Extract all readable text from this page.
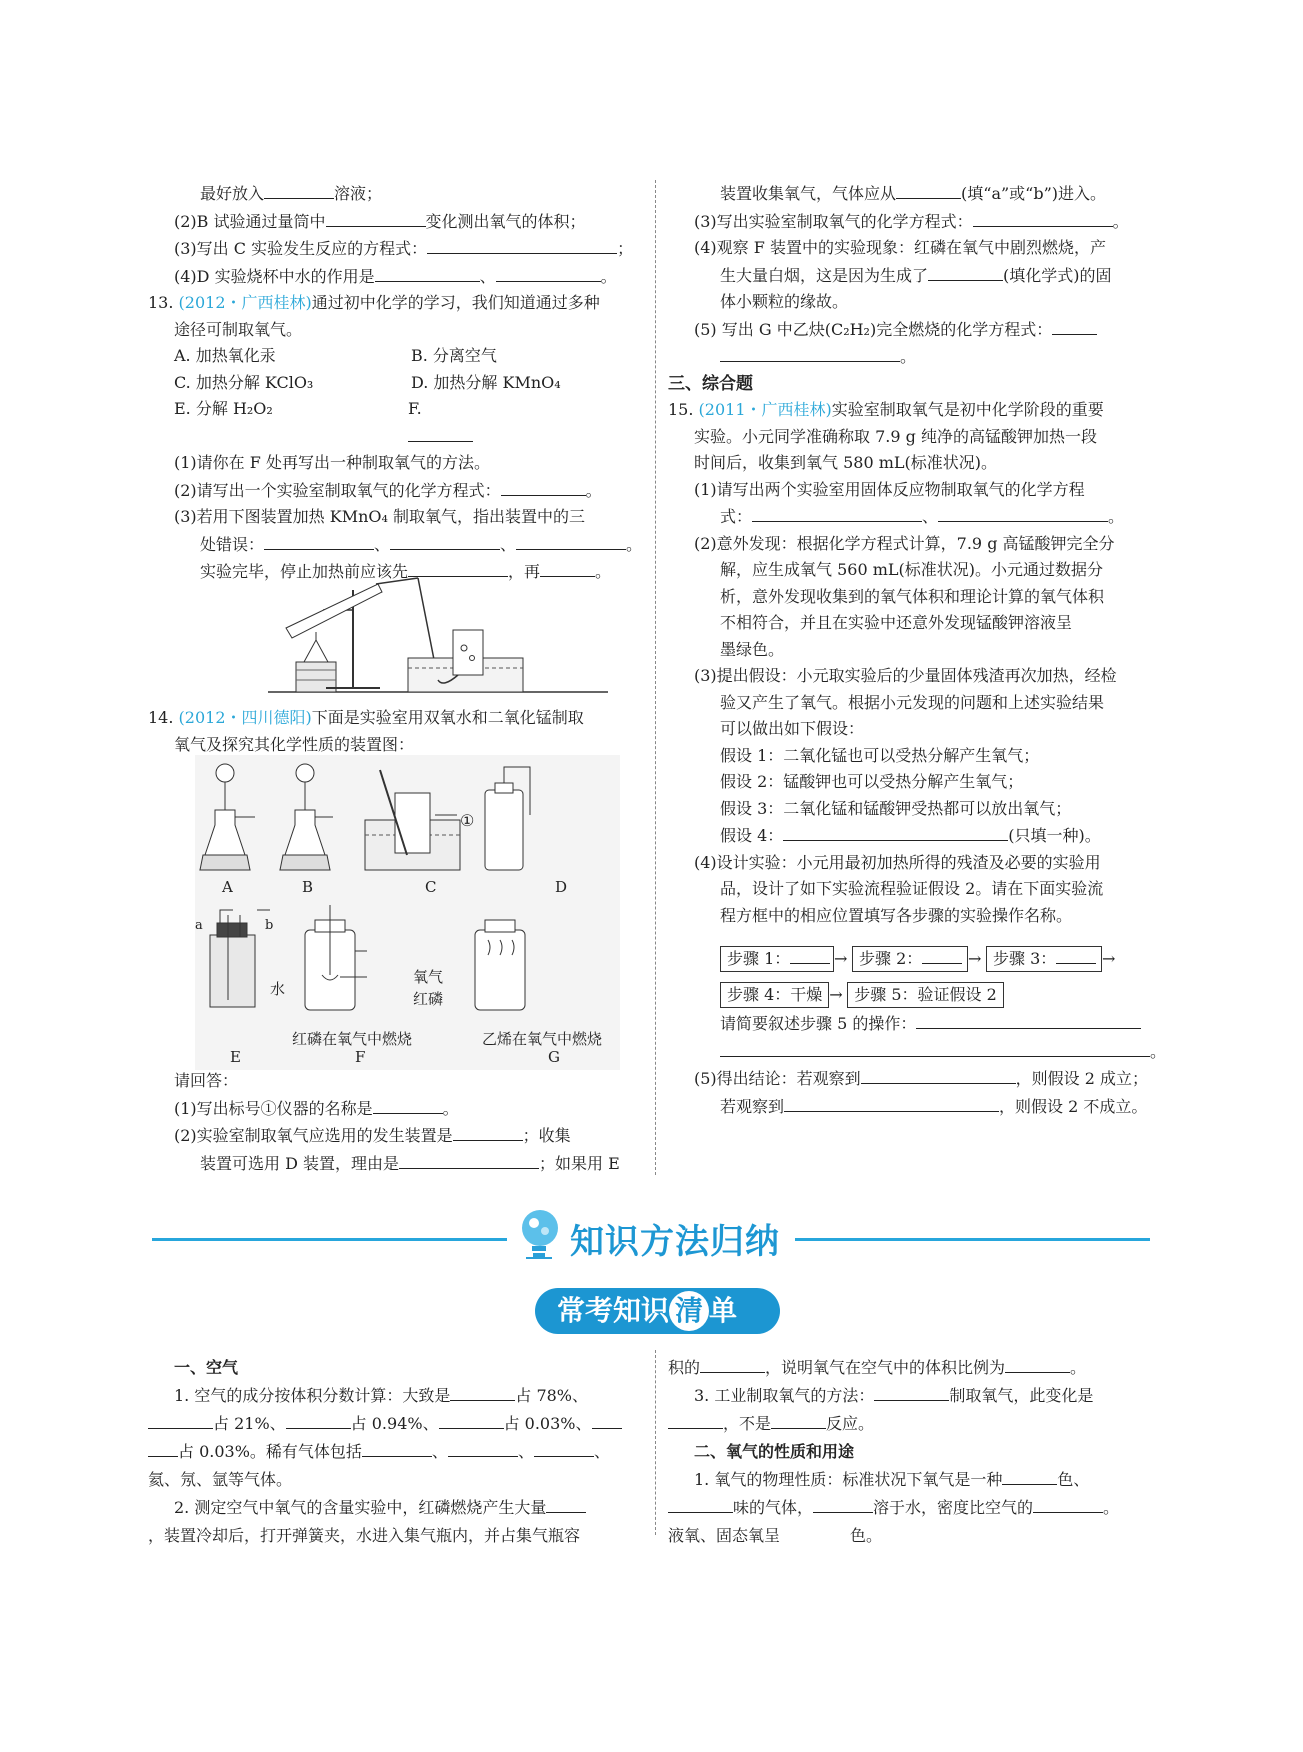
最好放入	溶液；

(2)B 试验通过量筒中	变化测出氧气的体积；

(3)写出 C 实验发生反应的方程式：	；

(4)D 实验烧杯中水的作用是	、	。

13. (2012・广西桂林)通过初中化学的学习，我们知道通过多种

途径可制取氧气。

A. 加热氧化汞	B. 分离空气
C. 加热分解 KClO₃	D. 加热分解 KMnO₄
E. 分解 H₂O₂	F.

(1)请你在 F 处再写出一种制取氧气的方法。

(2)请写出一个实验室制取氧气的化学方程式：	。

(3)若用下图装置加热 KMnO₄ 制取氧气，指出装置中的三

处错误：	、	、	。

实验完毕，停止加热前应该先	，再	。

14. (2012・四川德阳)下面是实验室用双氧水和二氧化锰制取

氧气及探究其化学性质的装置图：

①
A	B	C	D
a	b
水
氧气
红磷
红磷在氧气中燃烧	乙烯在氧气中燃烧
E	F	G

请回答：

(1)写出标号①仪器的名称是	。

(2)实验室制取氧气应选用的发生装置是	；收集

装置可选用 D 装置，理由是	；如果用 E

装置收集氧气，气体应从	(填“a”或“b”)进入。

(3)写出实验室制取氧气的化学方程式：	。

(4)观察 F 装置中的实验现象：红磷在氧气中剧烈燃烧，产

生大量白烟，这是因为生成了	(填化学式)的固

体小颗粒的缘故。

(5) 写出 G 中乙炔(C₂H₂)完全燃烧的化学方程式：

。

三、综合题

15. (2011・广西桂林)实验室制取氧气是初中化学阶段的重要

实验。小元同学准确称取 7.9 g 纯净的高锰酸钾加热一段

时间后，收集到氧气 580 mL(标准状况)。

(1)请写出两个实验室用固体反应物制取氧气的化学方程

式：	、	。

(2)意外发现：根据化学方程式计算，7.9 g 高锰酸钾完全分

解，应生成氧气 560 mL(标准状况)。小元通过数据分

析，意外发现收集到的氧气体积和理论计算的氧气体积

不相符合，并且在实验中还意外发现锰酸钾溶液呈

墨绿色。

(3)提出假设：小元取实验后的少量固体残渣再次加热，经检

验又产生了氧气。根据小元发现的问题和上述实验结果

可以做出如下假设：

假设 1：二氧化锰也可以受热分解产生氧气；

假设 2：锰酸钾也可以受热分解产生氧气；

假设 3：二氧化锰和锰酸钾受热都可以放出氧气；

假设 4：	(只填一种)。

(4)设计实验：小元用最初加热所得的残渣及必要的实验用

品，设计了如下实验流程验证假设 2。请在下面实验流

程方框中的相应位置填写各步骤的实验操作名称。

步骤 1：	→ 步骤 2：	→ 步骤 3：	→
步骤 4：干燥 → 步骤 5：验证假设 2

请简要叙述步骤 5 的操作：

。

(5)得出结论：若观察到	，则假设 2 成立；

若观察到	，则假设 2 不成立。

知识方法归纳
常考知识 清 单

一、空气

1. 空气的成分按体积分数计算：大致是	占 78%、

占 21%、	占 0.94%、	占 0.03%、

占 0.03%。稀有气体包括	、	、	、

氦、氖、氩等气体。

2. 测定空气中氧气的含量实验中，红磷燃烧产生大量

，装置冷却后，打开弹簧夹，水进入集气瓶内，并占集气瓶容

积的	，说明氧气在空气中的体积比例为	。

3. 工业制取氧气的方法：	制取氧气，此变化是

，不是	反应。

二、氧气的性质和用途

1. 氧气的物理性质：标准状况下氧气是一种	色、

味的气体，	溶于水，密度比空气的	。

液氧、固态氧呈	色。
